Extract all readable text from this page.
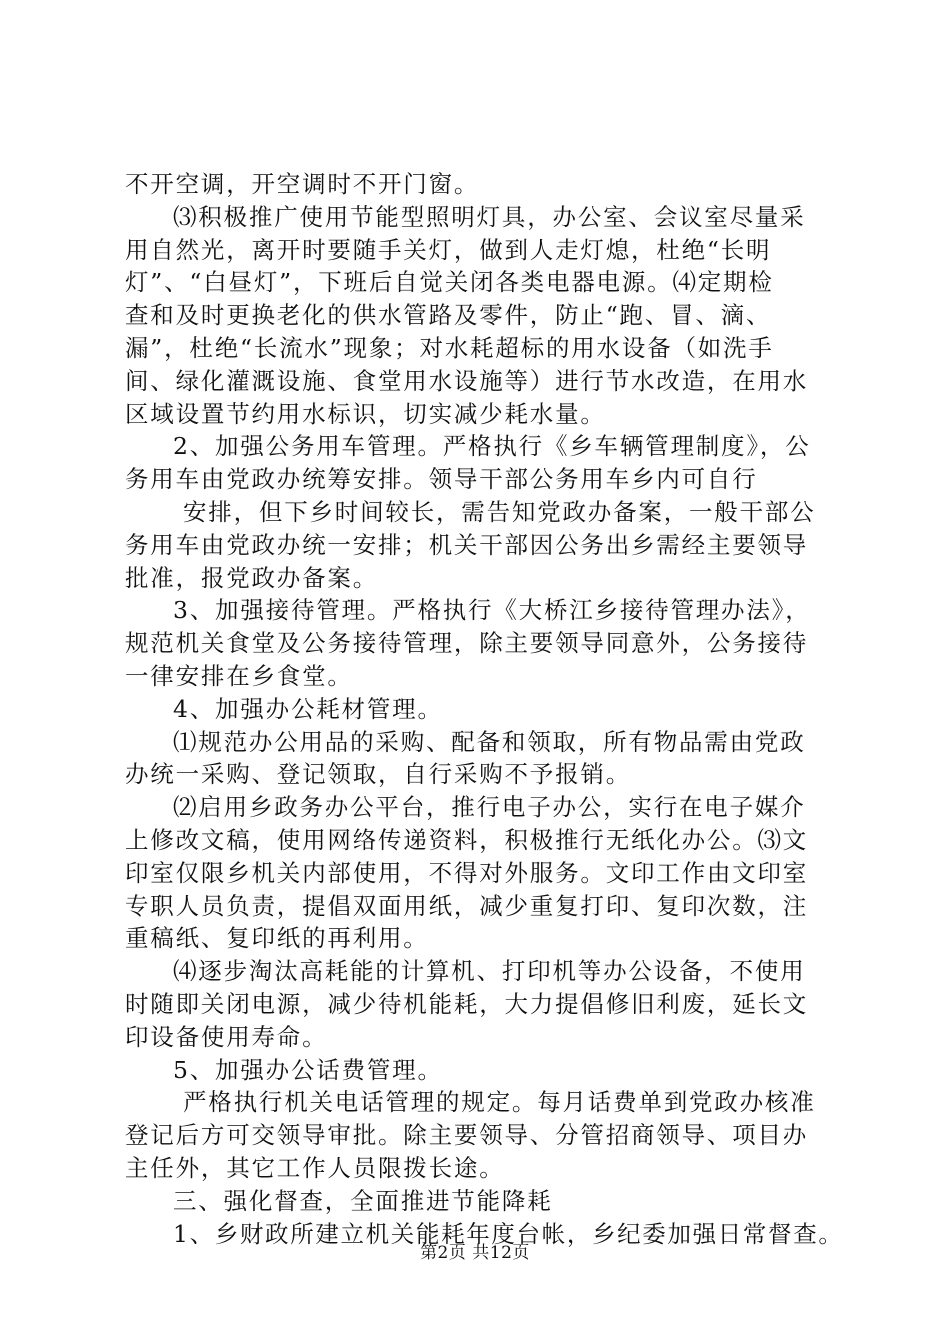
不开空调，开空调时不开门窗。
⑶积极推广使用节能型照明灯具，办公室、会议室尽量采
用自然光，离开时要随手关灯，做到人走灯熄，杜绝“长明
灯”、“白昼灯”，下班后自觉关闭各类电器电源。⑷定期检
查和及时更换老化的供水管路及零件，防止“跑、冒、滴、
漏”，杜绝“长流水”现象；对水耗超标的用水设备（如洗手
间、绿化灌溉设施、食堂用水设施等）进行节水改造，在用水
区域设置节约用水标识，切实减少耗水量。
2、加强公务用车管理。严格执行《乡车辆管理制度》，公
务用车由党政办统筹安排。领导干部公务用车乡内可自行
安排，但下乡时间较长，需告知党政办备案，一般干部公
务用车由党政办统一安排；机关干部因公务出乡需经主要领导
批准，报党政办备案。
3、加强接待管理。严格执行《大桥江乡接待管理办法》，
规范机关食堂及公务接待管理，除主要领导同意外，公务接待
一律安排在乡食堂。
4、加强办公耗材管理。
⑴规范办公用品的采购、配备和领取，所有物品需由党政
办统一采购、登记领取，自行采购不予报销。
⑵启用乡政务办公平台，推行电子办公，实行在电子媒介
上修改文稿，使用网络传递资料，积极推行无纸化办公。⑶文
印室仅限乡机关内部使用，不得对外服务。文印工作由文印室
专职人员负责，提倡双面用纸，减少重复打印、复印次数，注
重稿纸、复印纸的再利用。
⑷逐步淘汰高耗能的计算机、打印机等办公设备，不使用
时随即关闭电源，减少待机能耗，大力提倡修旧利废，延长文
印设备使用寿命。
5、加强办公话费管理。
严格执行机关电话管理的规定。每月话费单到党政办核准
登记后方可交领导审批。除主要领导、分管招商领导、项目办
主任外，其它工作人员限拨长途。
三、强化督查，全面推进节能降耗
1、乡财政所建立机关能耗年度台帐，乡纪委加强日常督查。
第2页 共12页
